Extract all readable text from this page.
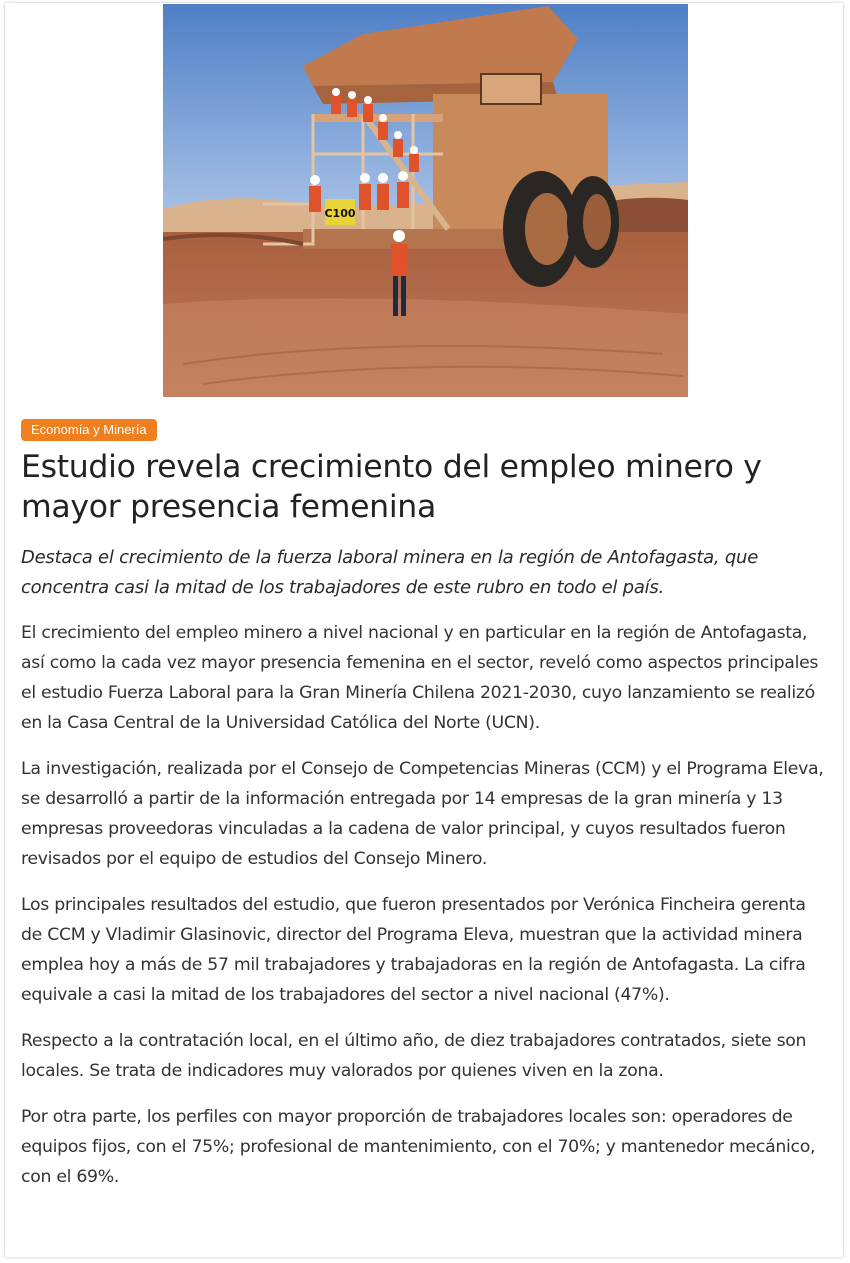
C100
Economía y Minería
Estudio revela crecimiento del empleo minero y mayor presencia femenina

Destaca el crecimiento de la fuerza laboral minera en la región de Antofagasta, que concentra casi la mitad de los trabajadores de este rubro en todo el país.

El crecimiento del empleo minero a nivel nacional y en particular en la región de Antofagasta, así como la cada vez mayor presencia femenina en el sector, reveló como aspectos principales el estudio Fuerza Laboral para la Gran Minería Chilena 2021-2030, cuyo lanzamiento se realizó en la Casa Central de la Universidad Católica del Norte (UCN).

La investigación, realizada por el Consejo de Competencias Mineras (CCM) y el Programa Eleva, se desarrolló a partir de la información entregada por 14 empresas de la gran minería y 13 empresas proveedoras vinculadas a la cadena de valor principal, y cuyos resultados fueron revisados por el equipo de estudios del Consejo Minero.

Los principales resultados del estudio, que fueron presentados por Verónica Fincheira gerenta de CCM y Vladimir Glasinovic, director del Programa Eleva, muestran que la actividad minera emplea hoy a más de 57 mil trabajadores y trabajadoras en la región de Antofagasta. La cifra equivale a casi la mitad de los trabajadores del sector a nivel nacional (47%).

Respecto a la contratación local, en el último año, de diez trabajadores contratados, siete son locales. Se trata de indicadores muy valorados por quienes viven en la zona.

Por otra parte, los perfiles con mayor proporción de trabajadores locales son: operadores de equipos fijos, con el 75%; profesional de mantenimiento, con el 70%; y mantenedor mecánico, con el 69%.
